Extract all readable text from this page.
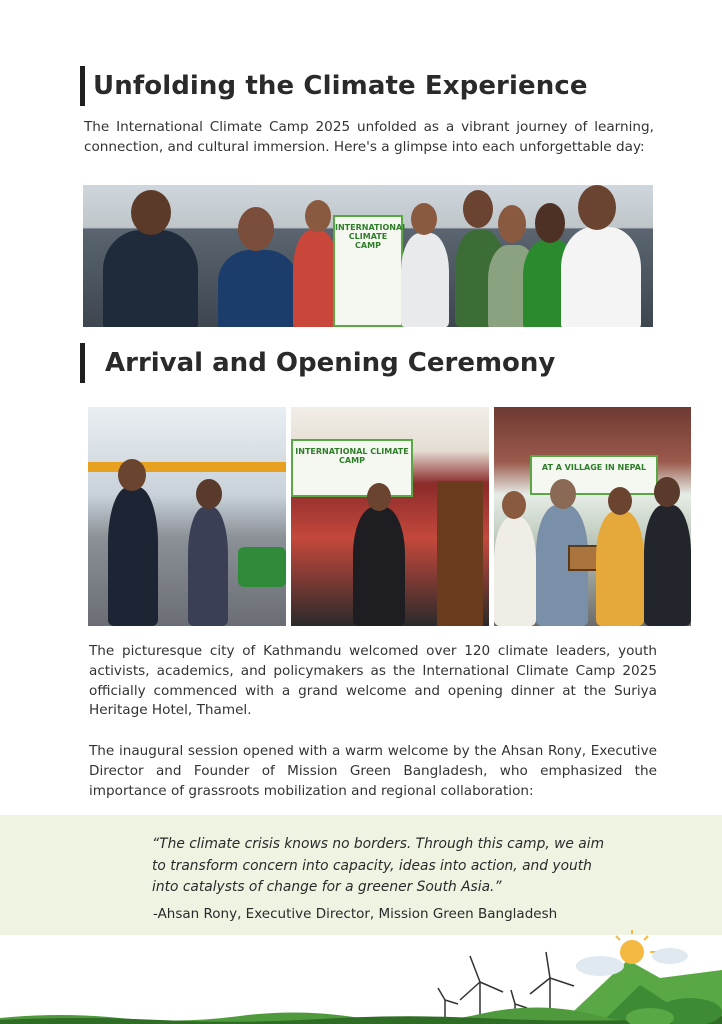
Unfolding the Climate Experience
The International Climate Camp 2025 unfolded as a vibrant journey of learning, connection, and cultural immersion. Here's a glimpse into each unforgettable day:
INTERNATIONAL CLIMATE CAMP
Arrival and Opening Ceremony
INTERNATIONAL CLIMATE CAMP
AT A VILLAGE IN NEPAL
The picturesque city of Kathmandu welcomed over 120 climate leaders, youth activists, academics, and policymakers as the International Climate Camp 2025 officially commenced with a grand welcome and opening dinner at the Suriya Heritage Hotel, Thamel.
The inaugural session opened with a warm welcome by the Ahsan Rony, Executive Director and Founder of Mission Green Bangladesh, who emphasized the importance of grassroots mobilization and regional collaboration:
“The climate crisis knows no borders. Through this camp, we aim to transform concern into capacity, ideas into action, and youth into catalysts of change for a greener South Asia.”
-Ahsan Rony, Executive Director, Mission Green Bangladesh
